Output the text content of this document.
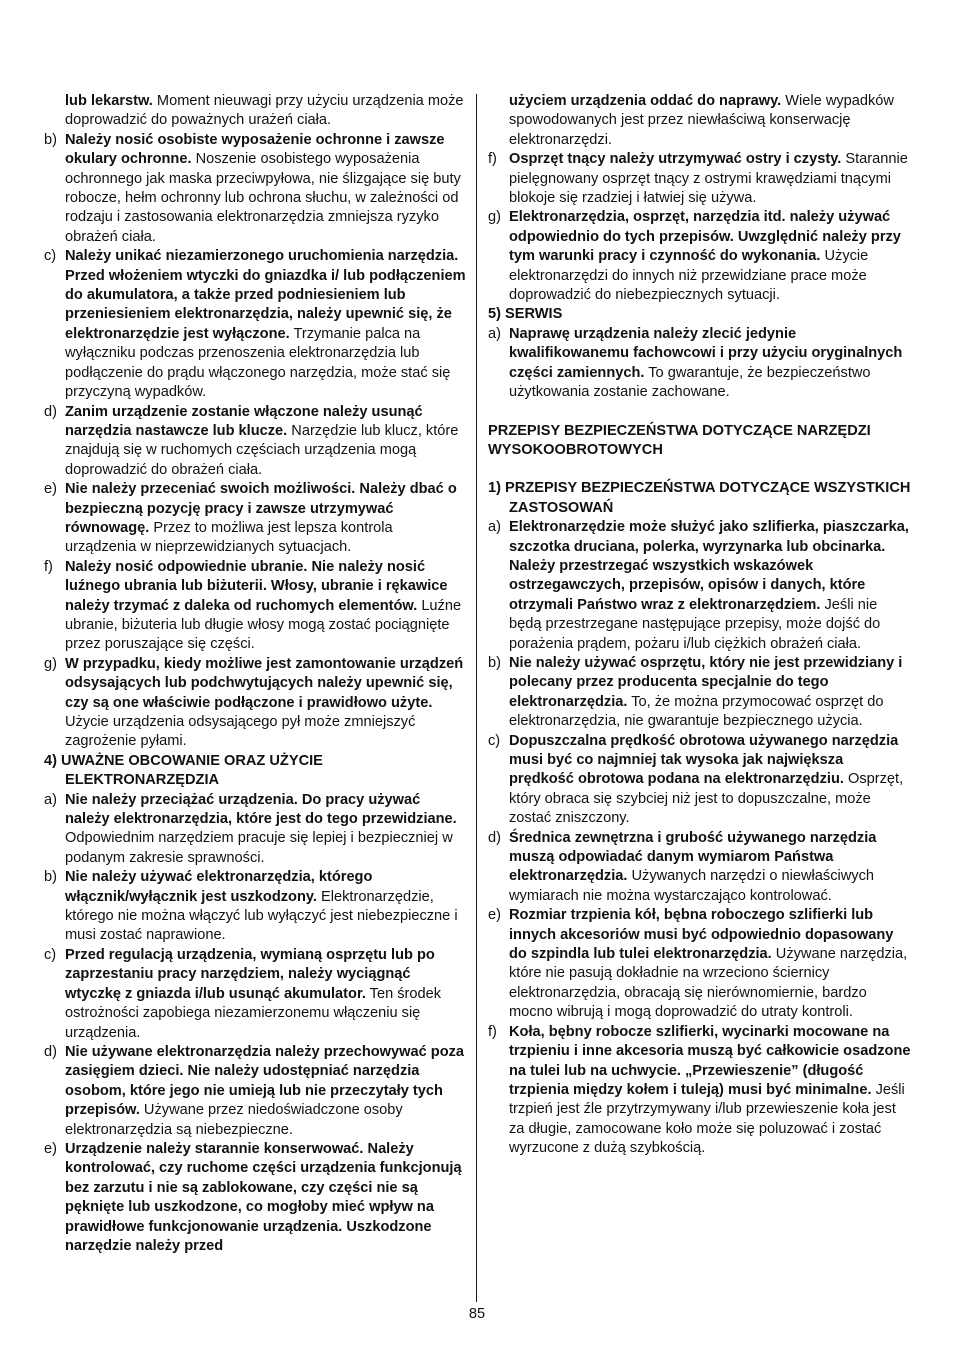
lub lekarstw. Moment nieuwagi przy użyciu urządzenia może doprowadzić do poważnych urażeń ciała.
b) Należy nosić osobiste wyposażenie ochronne i zawsze okulary ochronne. Noszenie osobistego wyposażenia ochronnego jak maska przeciwpyłowa, nie ślizgające się buty robocze, hełm ochronny lub ochrona słuchu, w zależności od rodzaju i zastosowania elektronarzędzia zmniejsza ryzyko obrażeń ciała.
c) Należy unikać niezamierzonego uruchomienia narzędzia. Przed włożeniem wtyczki do gniazdka i/ lub podłączeniem do akumulatora, a także przed podniesieniem lub przeniesieniem elektronarzędzia, należy upewnić się, że elektronarzędzie jest wyłączone. Trzymanie palca na wyłączniku podczas przenoszenia elektronarzędzia lub podłączenie do prądu włączonego narzędzia, może stać się przyczyną wypadków.
d) Zanim urządzenie zostanie włączone należy usunąć narzędzia nastawcze lub klucze. Narzędzie lub klucz, które znajdują się w ruchomych częściach urządzenia mogą doprowadzić do obrażeń ciała.
e) Nie należy przeceniać swoich możliwości. Należy dbać o bezpieczną pozycję pracy i zawsze utrzymywać równowagę. Przez to możliwa jest lepsza kontrola urządzenia w nieprzewidzianych sytuacjach.
f) Należy nosić odpowiednie ubranie. Nie należy nosić luźnego ubrania lub biżuterii. Włosy, ubranie i rękawice należy trzymać z daleka od ruchomych elementów. Luźne ubranie, biżuteria lub długie włosy mogą zostać pociągnięte przez poruszające się części.
g) W przypadku, kiedy możliwe jest zamontowanie urządzeń odsysających lub podchwytujących należy upewnić się, czy są one właściwie podłączone i prawidłowo użyte. Użycie urządzenia odsysającego pył może zmniejszyć zagrożenie pyłami.
4) UWAŻNE OBCOWANIE ORAZ UŻYCIE ELEKTRONARZĘDZIA
a) Nie należy przeciążać urządzenia. Do pracy używać należy elektronarzędzia, które jest do tego przewidziane. Odpowiednim narzędziem pracuje się lepiej i bezpieczniej w podanym zakresie sprawności.
b) Nie należy używać elektronarzędzia, którego włącznik/wyłącznik jest uszkodzony. Elektronarzędzie, którego nie można włączyć lub wyłączyć jest niebezpieczne i musi zostać naprawione.
c) Przed regulacją urządzenia, wymianą osprzętu lub po zaprzestaniu pracy narzędziem, należy wyciągnąć wtyczkę z gniazda i/lub usunąć akumulator. Ten środek ostrożności zapobiega niezamierzonemu włączeniu się urządzenia.
d) Nie używane elektronarzędzia należy przechowywać poza zasięgiem dzieci. Nie należy udostępniać narzędzia osobom, które jego nie umieją lub nie przeczytały tych przepisów. Używane przez niedoświadczone osoby elektronarzędzia są niebezpieczne.
e) Urządzenie należy starannie konserwować. Należy kontrolować, czy ruchome części urządzenia funkcjonują bez zarzutu i nie są zablokowane, czy części nie są pęknięte lub uszkodzone, co mogłoby mieć wpływ na prawidłowe funkcjonowanie urządzenia. Uszkodzone narzędzie należy przed
użyciem urządzenia oddać do naprawy. Wiele wypadków spowodowanych jest przez niewłaściwą konserwację elektronarzędzi.
f) Osprzęt tnący należy utrzymywać ostry i czysty. Starannie pielęgnowany osprzęt tnący z ostrymi krawędziami tnącymi blokoje się rzadziej i łatwiej się używa.
g) Elektronarzędzia, osprzęt, narzędzia itd. należy używać odpowiednio do tych przepisów. Uwzględnić należy przy tym warunki pracy i czynność do wykonania. Użycie elektronarzędzi do innych niż przewidziane prace może doprowadzić do niebezpiecznych sytuacji.
5) SERWIS
a) Naprawę urządzenia należy zlecić jedynie kwalifikowanemu fachowcowi i przy użyciu oryginalnych części zamiennych. To gwarantuje, że bezpieczeństwo użytkowania zostanie zachowane.
PRZEPISY BEZPIECZEŃSTWA DOTYCZĄCE NARZĘDZI WYSOKOOBROTOWYCH
1) PRZEPISY BEZPIECZEŃSTWA DOTYCZĄCE WSZYSTKICH ZASTOSOWAŃ
a) Elektronarzędzie może służyć jako szlifierka, piaszczarka, szczotka druciana, polerka, wyrzynarka lub obcinarka. Należy przestrzegać wszystkich wskazówek ostrzegawczych, przepisów, opisów i danych, które otrzymali Państwo wraz z elektronarzędziem. Jeśli nie będą przestrzegane następujące przepisy, może dojść do porażenia prądem, pożaru i/lub ciężkich obrażeń ciała.
b) Nie należy używać osprzętu, który nie jest przewidziany i polecany przez producenta specjalnie do tego elektronarzędzia. To, że można przymocować osprzęt do elektronarzędzia, nie gwarantuje bezpiecznego użycia.
c) Dopuszczalna prędkość obrotowa używanego narzędzia musi być co najmniej tak wysoka jak największa prędkość obrotowa podana na elektronarzędziu. Osprzęt, który obraca się szybciej niż jest to dopuszczalne, może zostać zniszczony.
d) Średnica zewnętrzna i grubość używanego narzędzia muszą odpowiadać danym wymiarom Państwa elektronarzędzia. Używanych narzędzi o niewłaściwych wymiarach nie można wystarczająco kontrolować.
e) Rozmiar trzpienia kół, bębna roboczego szlifierki lub innych akcesoriów musi być odpowiednio dopasowany do szpindla lub tulei elektronarzędzia. Używane narzędzia, które nie pasują dokładnie na wrzeciono ściernicy elektronarzędzia, obracają się nierównomiernie, bardzo mocno wibrują i mogą doprowadzić do utraty kontroli.
f) Koła, bębny robocze szlifierki, wycinarki mocowane na trzpieniu i inne akcesoria muszą być całkowicie osadzone na tulei lub na uchwycie. „Przewieszenie” (długość trzpienia między kołem i tuleją) musi być minimalne. Jeśli trzpień jest źle przytrzymywany i/lub przewieszenie koła jest za długie, zamocowane koło może się poluzować i zostać wyrzucone z dużą szybkością.
85
